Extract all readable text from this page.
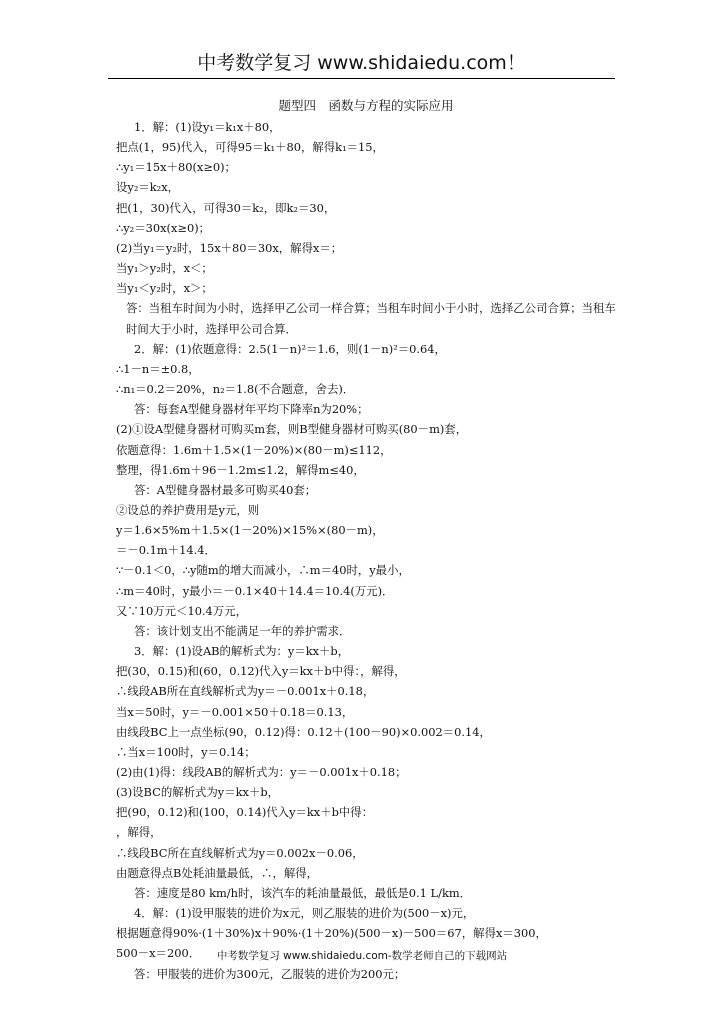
中考数学复习 www.shidaiedu.com！
题型四　函数与方程的实际应用
1．解：(1)设y₁＝k₁x＋80，
把点(1，95)代入，可得95＝k₁＋80，解得k₁＝15，
∴y₁＝15x＋80(x≥0)；
设y₂＝k₂x，
把(1，30)代入，可得30＝k₂，即k₂＝30，
∴y₂＝30x(x≥0)；
(2)当y₁＝y₂时，15x＋80＝30x，解得x＝；
当y₁＞y₂时，x＜；
当y₁＜y₂时，x＞；
答：当租车时间为小时，选择甲乙公司一样合算；当租车时间小于小时，选择乙公司合算；当租车时间大于小时，选择甲公司合算．
2．解：(1)依题意得：2.5(1－n)²＝1.6，则(1－n)²＝0.64，
∴1－n＝±0.8，
∴n₁＝0.2＝20%，n₂＝1.8(不合题意，舍去)．
答：每套A型健身器材年平均下降率n为20%；
(2)①设A型健身器材可购买m套，则B型健身器材可购买(80－m)套，
依题意得：1.6m＋1.5×(1－20%)×(80－m)≤112，
整理，得1.6m＋96－1.2m≤1.2，解得m≤40，
答：A型健身器材最多可购买40套；
②设总的养护费用是y元，则
y＝1.6×5%m＋1.5×(1－20%)×15%×(80－m)，
＝－0.1m＋14.4．
∵－0.1＜0，∴y随m的增大而减小，∴m＝40时，y最小，
∴m＝40时，y最小＝－0.1×40＋14.4＝10.4(万元)．
又∵10万元＜10.4万元，
答：该计划支出不能满足一年的养护需求．
3．解：(1)设AB的解析式为：y＝kx＋b，
把(30，0.15)和(60，0.12)代入y＝kx＋b中得：，解得，
∴线段AB所在直线解析式为y＝－0.001x＋0.18，
当x＝50时，y＝－0.001×50＋0.18＝0.13，
由线段BC上一点坐标(90，0.12)得：0.12＋(100－90)×0.002＝0.14，
∴当x＝100时，y＝0.14；
(2)由(1)得：线段AB的解析式为：y＝－0.001x＋0.18；
(3)设BC的解析式为y＝kx＋b，
把(90，0.12)和(100，0.14)代入y＝kx＋b中得：
，解得，
∴线段BC所在直线解析式为y＝0.002x－0.06，
由题意得点B处耗油量最低，∴，解得，
答：速度是80 km/h时，该汽车的耗油量最低，最低是0.1 L/km．
4．解：(1)设甲服装的进价为x元，则乙服装的进价为(500－x)元，
根据题意得90%·(1＋30%)x＋90%·(1＋20%)(500－x)－500＝67，解得x＝300，
500－x＝200．
答：甲服装的进价为300元，乙服装的进价为200元；
中考数学复习 www.shidaiedu.com-数学老师自己的下载网站
